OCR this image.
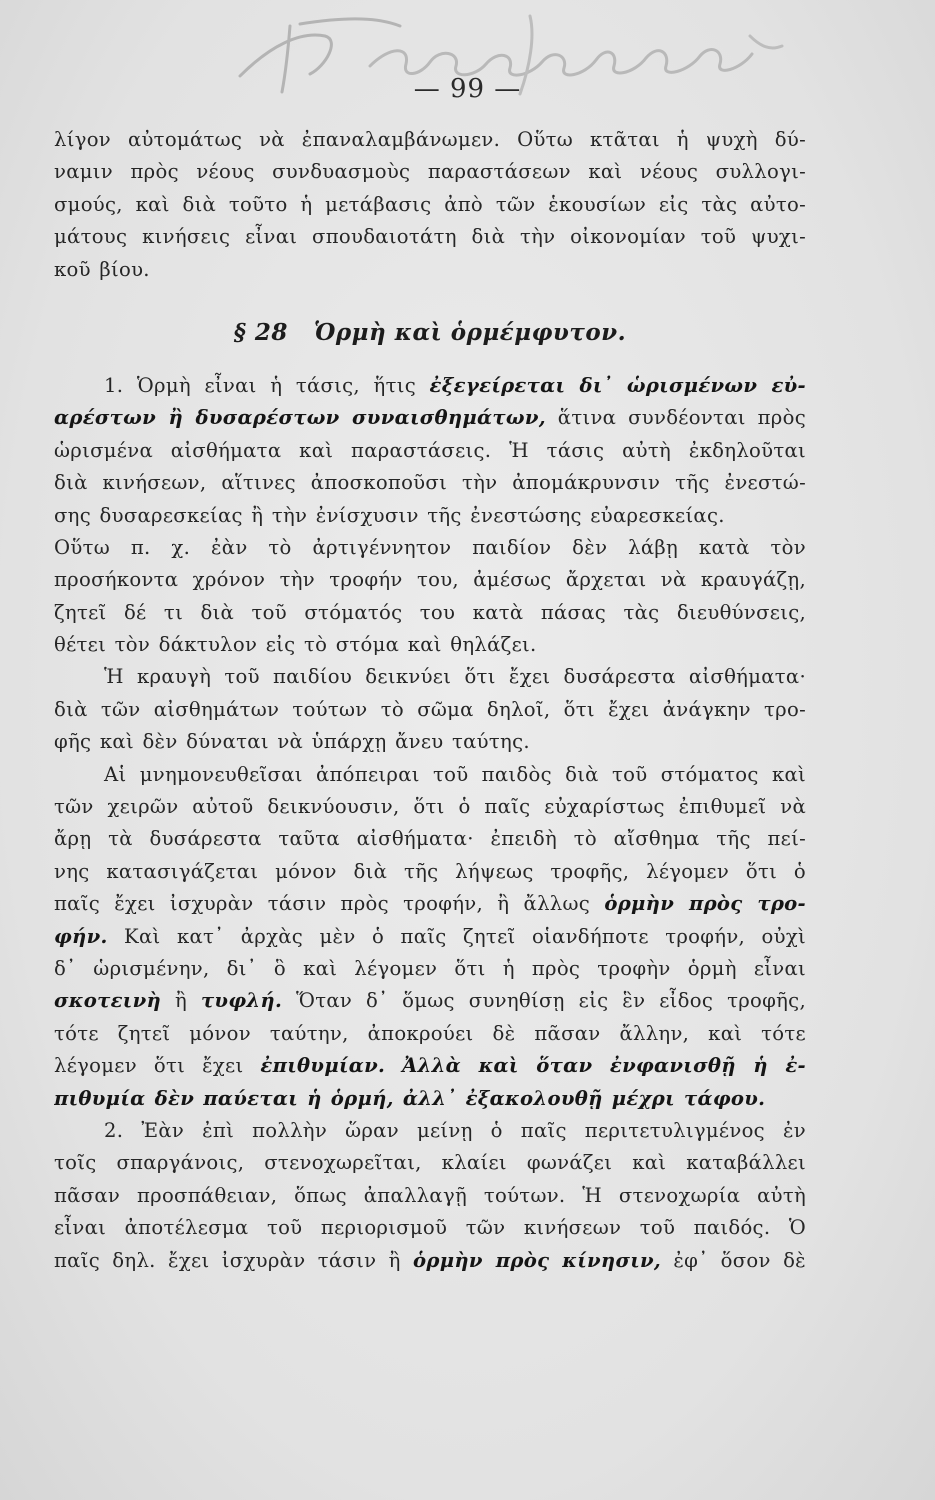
— 99 —
λίγον αὐτομάτως νὰ ἐπαναλαμβάνωμεν. Οὕτω κτᾶται ἡ ψυχὴ δύ-
ναμιν πρὸς νέους συνδυασμοὺς παραστάσεων καὶ νέους συλλογι-
σμούς, καὶ διὰ τοῦτο ἡ μετάβασις ἀπὸ τῶν ἑκουσίων εἰς τὰς αὐτο-
μάτους κινήσεις εἶναι σπουδαιοτάτη διὰ τὴν οἰκονομίαν τοῦ ψυχι-
κοῦ βίου.
§ 28 Ὁρμὴ καὶ ὁρμέμφυτον.
1. Ὁρμὴ εἶναι ἡ τάσις, ἥτις ἐξεγείρεται δι᾽ ὡρισμένων εὐ-
αρέστων ἢ δυσαρέστων συναισθημάτων, ἅτινα συνδέονται πρὸς
ὡρισμένα αἰσθήματα καὶ παραστάσεις. Ἡ τάσις αὐτὴ ἐκδηλοῦται
διὰ κινήσεων, αἵτινες ἀποσκοποῦσι τὴν ἀπομάκρυνσιν τῆς ἐνεστώ-
σης δυσαρεσκείας ἢ τὴν ἐνίσχυσιν τῆς ἐνεστώσης εὐαρεσκείας.
Οὕτω π. χ. ἐὰν τὸ ἀρτιγέννητον παιδίον δὲν λάβῃ κατὰ τὸν
προσήκοντα χρόνον τὴν τροφήν του, ἀμέσως ἄρχεται νὰ κραυγάζῃ,
ζητεῖ δέ τι διὰ τοῦ στόματός του κατὰ πάσας τὰς διευθύνσεις,
θέτει τὸν δάκτυλον εἰς τὸ στόμα καὶ θηλάζει.
Ἡ κραυγὴ τοῦ παιδίου δεικνύει ὅτι ἔχει δυσάρεστα αἰσθήματα·
διὰ τῶν αἰσθημάτων τούτων τὸ σῶμα δηλοῖ, ὅτι ἔχει ἀνάγκην τρο-
φῆς καὶ δὲν δύναται νὰ ὑπάρχῃ ἄνευ ταύτης.
Αἱ μνημονευθεῖσαι ἀπόπειραι τοῦ παιδὸς διὰ τοῦ στόματος καὶ
τῶν χειρῶν αὐτοῦ δεικνύουσιν, ὅτι ὁ παῖς εὐχαρίστως ἐπιθυμεῖ νὰ
ἄρῃ τὰ δυσάρεστα ταῦτα αἰσθήματα· ἐπειδὴ τὸ αἴσθημα τῆς πεί-
νης κατασιγάζεται μόνον διὰ τῆς λήψεως τροφῆς, λέγομεν ὅτι ὁ
παῖς ἔχει ἰσχυρὰν τάσιν πρὸς τροφήν, ἢ ἄλλως ὁρμὴν πρὸς τρο-
φήν. Καὶ κατ᾽ ἀρχὰς μὲν ὁ παῖς ζητεῖ οἱανδήποτε τροφήν, οὐχὶ
δ᾽ ὡρισμένην, δι᾽ ὃ καὶ λέγομεν ὅτι ἡ πρὸς τροφὴν ὁρμὴ εἶναι
σκοτεινὴ ἢ τυφλή. Ὅταν δ᾽ ὅμως συνηθίσῃ εἰς ἓν εἶδος τροφῆς,
τότε ζητεῖ μόνον ταύτην, ἀποκρούει δὲ πᾶσαν ἄλλην, καὶ τότε
λέγομεν ὅτι ἔχει ἐπιθυμίαν. Ἀλλὰ καὶ ὅταν ἐνφανισθῇ ἡ ἐ-
πιθυμία δὲν παύεται ἡ ὁρμή, ἀλλ᾽ ἐξακολουθῇ μέχρι τάφου.
2. Ἐὰν ἐπὶ πολλὴν ὥραν μείνῃ ὁ παῖς περιτετυλιγμένος ἐν
τοῖς σπαργάνοις, στενοχωρεῖται, κλαίει φωνάζει καὶ καταβάλλει
πᾶσαν προσπάθειαν, ὅπως ἀπαλλαγῇ τούτων. Ἡ στενοχωρία αὐτὴ
εἶναι ἀποτέλεσμα τοῦ περιορισμοῦ τῶν κινήσεων τοῦ παιδός. Ὁ
παῖς δηλ. ἔχει ἰσχυρὰν τάσιν ἢ ὁρμὴν πρὸς κίνησιν, ἐφ᾽ ὅσον δὲ
